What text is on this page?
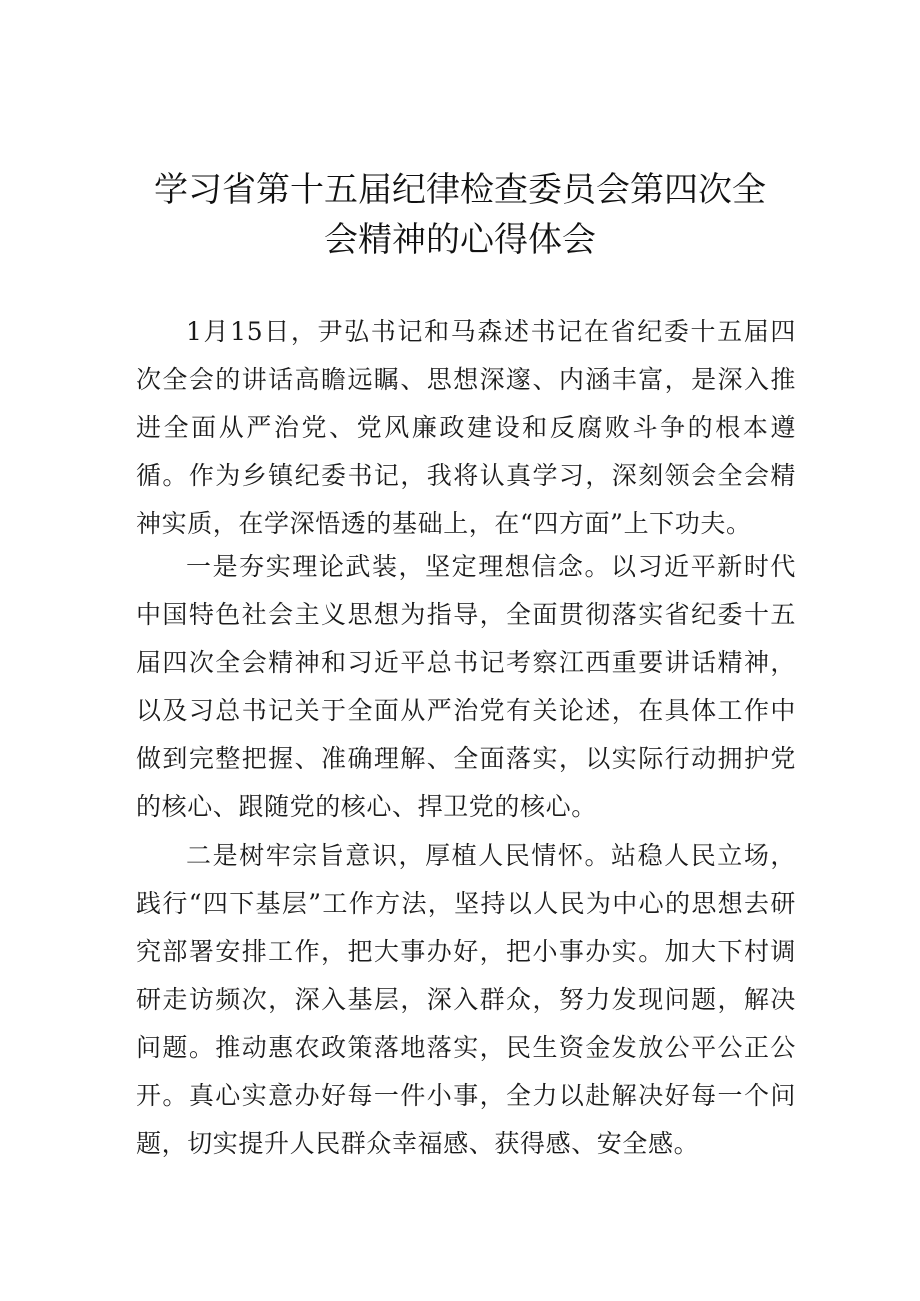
学习省第十五届纪律检查委员会第四次全
会精神的心得体会

1月15日，尹弘书记和马森述书记在省纪委十五届四次全会的讲话高瞻远瞩、思想深邃、内涵丰富，是深入推进全面从严治党、党风廉政建设和反腐败斗争的根本遵循。作为乡镇纪委书记，我将认真学习，深刻领会全会精神实质，在学深悟透的基础上，在“四方面”上下功夫。

一是夯实理论武装，坚定理想信念。以习近平新时代中国特色社会主义思想为指导，全面贯彻落实省纪委十五届四次全会精神和习近平总书记考察江西重要讲话精神，以及习总书记关于全面从严治党有关论述，在具体工作中做到完整把握、准确理解、全面落实，以实际行动拥护党的核心、跟随党的核心、捍卫党的核心。

二是树牢宗旨意识，厚植人民情怀。站稳人民立场，践行“四下基层”工作方法，坚持以人民为中心的思想去研究部署安排工作，把大事办好，把小事办实。加大下村调研走访频次，深入基层，深入群众，努力发现问题，解决问题。推动惠农政策落地落实，民生资金发放公平公正公开。真心实意办好每一件小事，全力以赴解决好每一个问题，切实提升人民群众幸福感、获得感、安全感。
